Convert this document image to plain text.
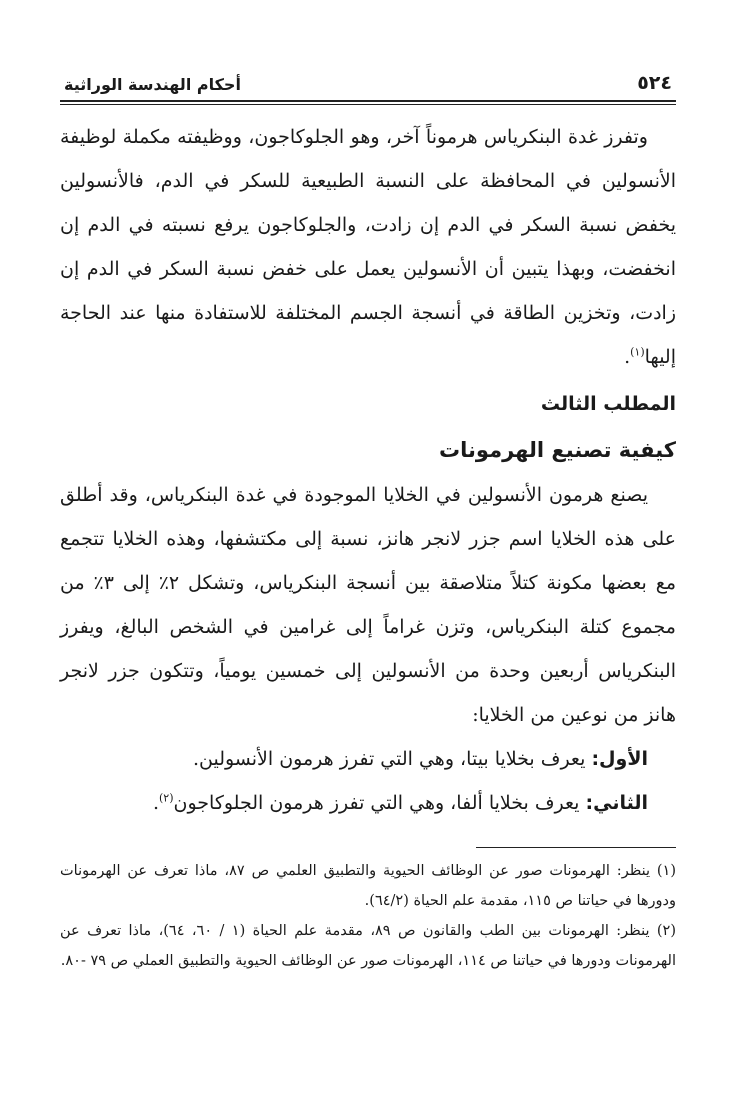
٥٢٤
أحكام الهندسة الوراثية

وتفرز غدة البنكرياس هرموناً آخر، وهو الجلوكاجون، ووظيفته مكملة لوظيفة الأنسولين في المحافظة على النسبة الطبيعية للسكر في الدم، فالأنسولين يخفض نسبة السكر في الدم إن زادت، والجلوكاجون يرفع نسبته في الدم إن انخفضت، وبهذا يتبين أن الأنسولين يعمل على خفض نسبة السكر في الدم إن زادت، وتخزين الطاقة في أنسجة الجسم المختلفة للاستفادة منها عند الحاجة إليها$^{(١)}$.

المطلب الثالث

كيفية تصنيع الهرمونات

يصنع هرمون الأنسولين في الخلايا الموجودة في غدة البنكرياس، وقد أطلق على هذه الخلايا اسم جزر لانجر هانز، نسبة إلى مكتشفها، وهذه الخلايا تتجمع مع بعضها مكونة كتلاً متلاصقة بين أنسجة البنكرياس، وتشكل ٢٪ إلى ٣٪ من مجموع كتلة البنكرياس، وتزن غراماً إلى غرامين في الشخص البالغ، ويفرز البنكرياس أربعين وحدة من الأنسولين إلى خمسين يومياً، وتتكون جزر لانجر هانز من نوعين من الخلايا:

الأول: يعرف بخلايا بيتا، وهي التي تفرز هرمون الأنسولين.

الثاني: يعرف بخلايا ألفا، وهي التي تفرز هرمون الجلوكاجون$^{(٢)}$.

(١) ينظر: الهرمونات صور عن الوظائف الحيوية والتطبيق العلمي ص ٨٧، ماذا تعرف عن الهرمونات ودورها في حياتنا ص ١١٥، مقدمة علم الحياة (٦٤/٢).

(٢) ينظر: الهرمونات بين الطب والقانون ص ٨٩، مقدمة علم الحياة (١ / ٦٠، ٦٤)، ماذا تعرف عن الهرمونات ودورها في حياتنا ص ١١٤، الهرمونات صور عن الوظائف الحيوية والتطبيق العملي ص ٧٩ -٨٠.
